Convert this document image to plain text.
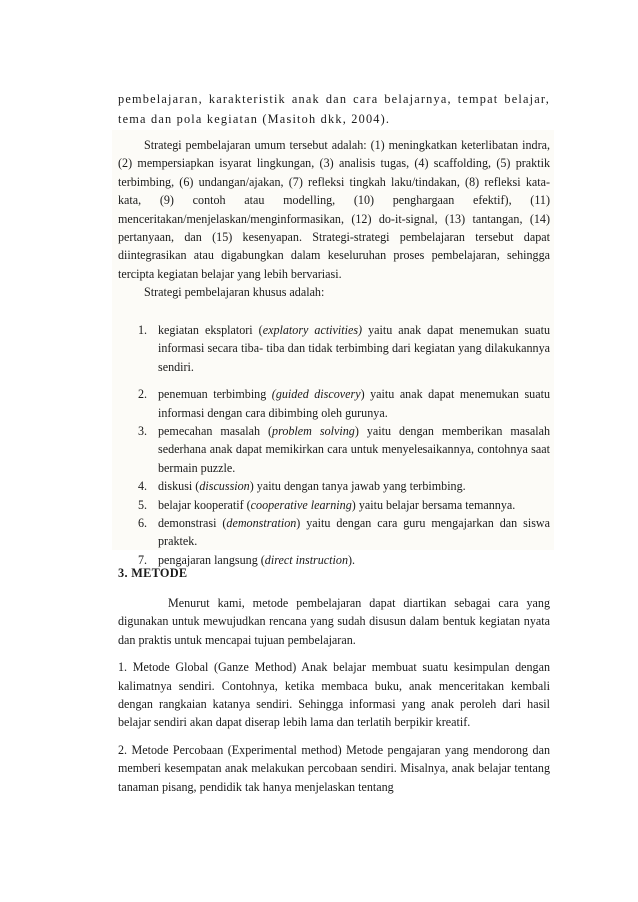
pembelajaran, karakteristik anak dan cara belajarnya, tempat belajar, tema dan pola kegiatan (Masitoh dkk, 2004).

Strategi pembelajaran umum tersebut adalah: (1) meningkatkan keterlibatan indra, (2) mempersiapkan isyarat lingkungan, (3) analisis tugas, (4) scaffolding, (5) praktik terbimbing, (6) undangan/ajakan, (7) refleksi tingkah laku/tindakan, (8) refleksi kata-kata, (9) contoh atau modelling, (10) penghargaan efektif), (11) menceritakan/menjelaskan/menginformasikan, (12) do-it-signal, (13) tantangan, (14) pertanyaan, dan (15) kesenyapan. Strategi-strategi pembelajaran tersebut dapat diintegrasikan atau digabungkan dalam keseluruhan proses pembelajaran, sehingga tercipta kegiatan belajar yang lebih bervariasi.

Strategi pembelajaran khusus adalah:

1. kegiatan eksplatori (explatory activities) yaitu anak dapat menemukan suatu informasi secara tiba- tiba dan tidak terbimbing dari kegiatan yang dilakukannya sendiri.
2. penemuan terbimbing (guided discovery) yaitu anak dapat menemukan suatu informasi dengan cara dibimbing oleh gurunya.
3. pemecahan masalah (problem solving) yaitu dengan memberikan masalah sederhana anak dapat memikirkan cara untuk menyelesaikannya, contohnya saat bermain puzzle.
4. diskusi (discussion) yaitu dengan tanya jawab yang terbimbing.
5. belajar kooperatif (cooperative learning) yaitu belajar bersama temannya.
6. demonstrasi (demonstration) yaitu dengan cara guru mengajarkan dan siswa praktek.
7. pengajaran langsung (direct instruction).
3. METODE

Menurut kami, metode pembelajaran dapat diartikan sebagai cara yang digunakan untuk mewujudkan rencana yang sudah disusun dalam bentuk kegiatan nyata dan praktis untuk mencapai tujuan pembelajaran.

1. Metode Global (Ganze Method) Anak belajar membuat suatu kesimpulan dengan kalimatnya sendiri. Contohnya, ketika membaca buku, anak menceritakan kembali dengan rangkaian katanya sendiri. Sehingga informasi yang anak peroleh dari hasil belajar sendiri akan dapat diserap lebih lama dan terlatih berpikir kreatif.

2. Metode Percobaan (Experimental method) Metode pengajaran yang mendorong dan memberi kesempatan anak melakukan percobaan sendiri. Misalnya, anak belajar tentang tanaman pisang, pendidik tak hanya menjelaskan tentang
